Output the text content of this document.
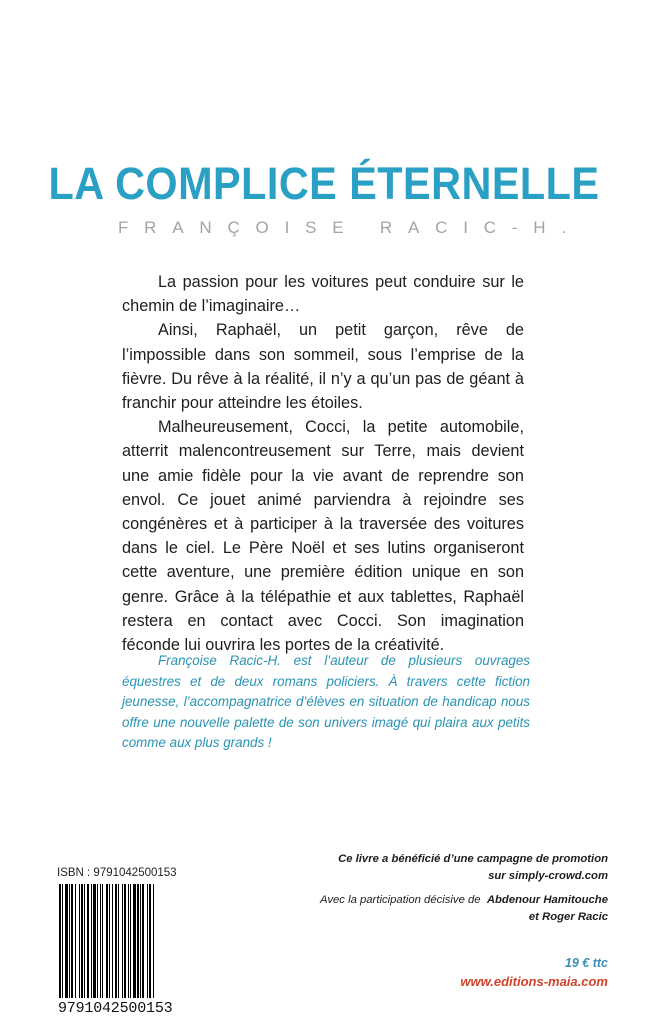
LA COMPLICE ÉTERNELLE
FRANÇOISE RACIC-H.

La passion pour les voitures peut conduire sur le chemin de l’imaginaire…

Ainsi, Raphaël, un petit garçon, rêve de l’impossible dans son sommeil, sous l’emprise de la fièvre. Du rêve à la réalité, il n’y a qu’un pas de géant à franchir pour atteindre les étoiles.

Malheureusement, Cocci, la petite automobile, atterrit malencontreusement sur Terre, mais devient une amie fidèle pour la vie avant de reprendre son envol. Ce jouet animé parviendra à rejoindre ses congénères et à participer à la traversée des voitures dans le ciel. Le Père Noël et ses lutins organiseront cette aventure, une première édition unique en son genre. Grâce à la télépathie et aux tablettes, Raphaël restera en contact avec Cocci. Son imagination féconde lui ouvrira les portes de la créativité.

Françoise Racic-H. est l’auteur de plusieurs ouvrages équestres et de deux romans policiers. À travers cette fiction jeunesse, l’accompagnatrice d’élèves en situation de handicap nous offre une nouvelle palette de son univers imagé qui plaira aux petits comme aux plus grands !
ISBN : 9791042500153
9791042500153
Ce livre a bénéficié d’une campagne de promotion
sur simply-crowd.com
Avec la participation décisive de Abdenour Hamitouche
et Roger Racic
19 € ttc
www.editions-maia.com
